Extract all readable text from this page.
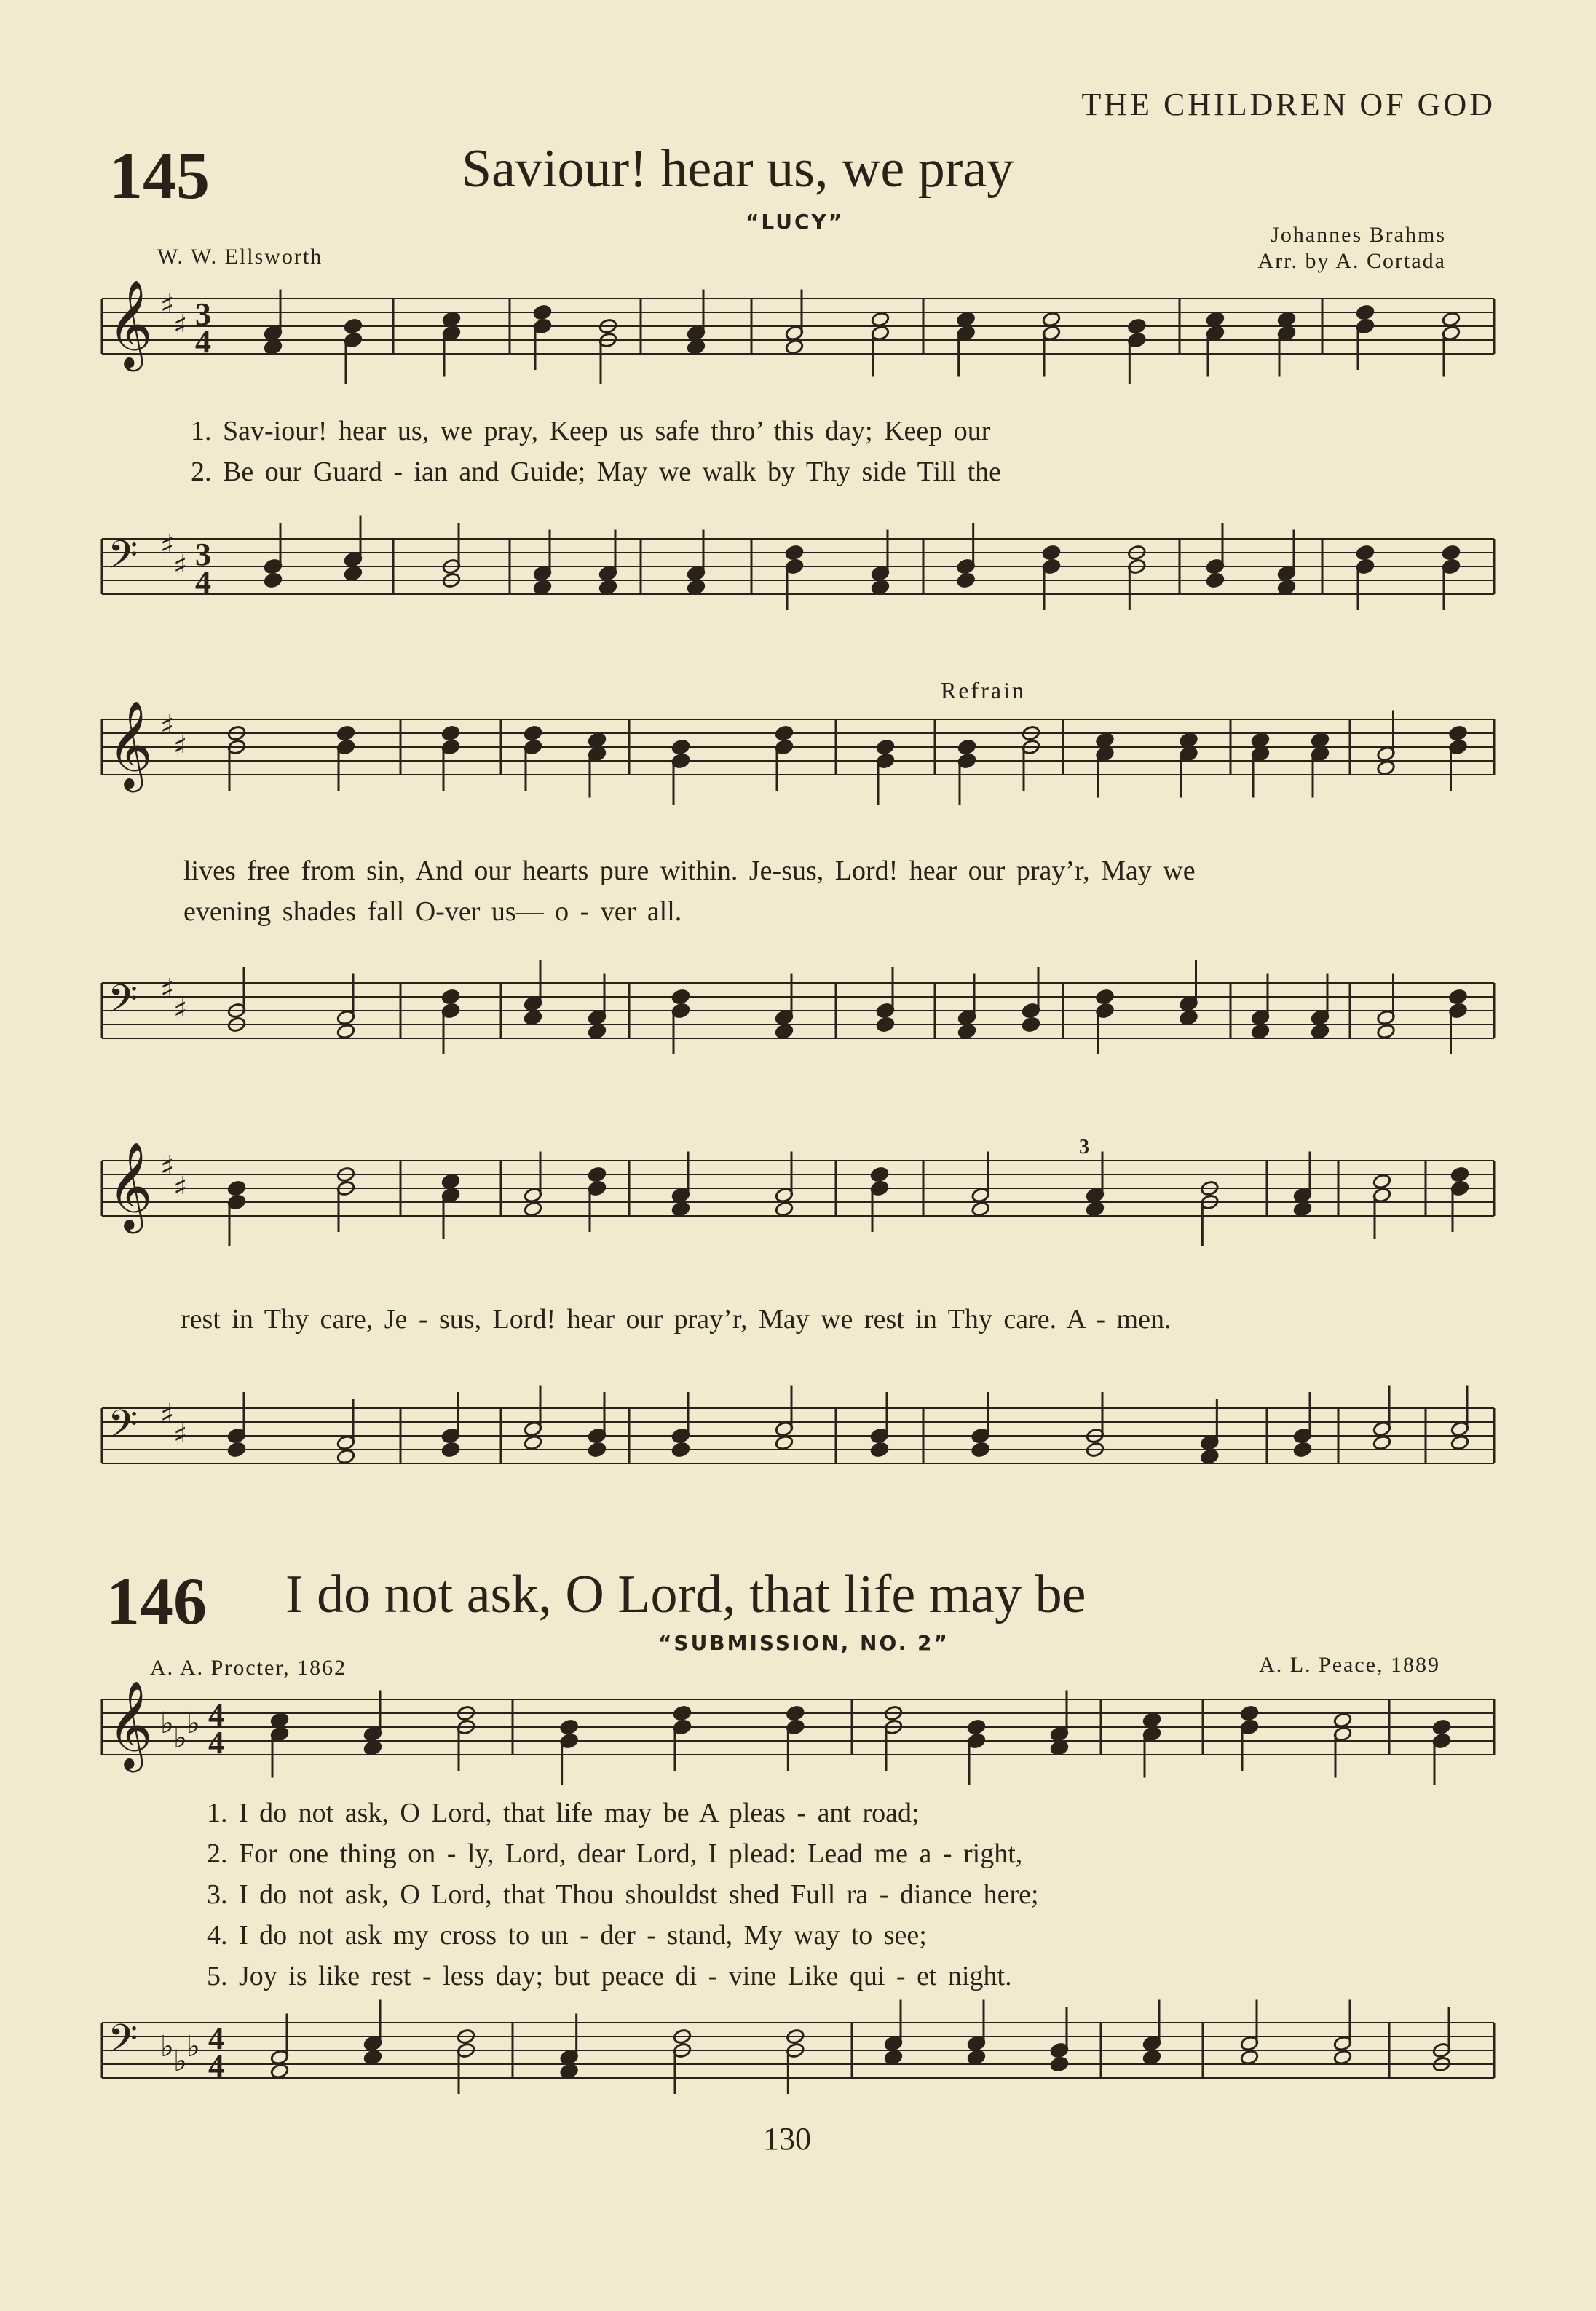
THE CHILDREN OF GOD
145	Saviour! hear us, we pray
“LUCY”
W. W. Ellsworth
Johannes Brahms
Arr. by A. Cortada
1. Sav-iour! hear us, we pray, Keep us safe thro’ this day; Keep our
2. Be our Guard - ian and Guide; May we walk by Thy side Till the
Refrain
lives free from sin, And our hearts pure within. Je-sus, Lord! hear our pray’r, May we
evening shades fall O-ver us— o - ver all.
rest in Thy care, Je - sus, Lord! hear our pray’r, May we rest in Thy care. A - men.
3
146 I do not ask, O Lord, that life may be
“SUBMISSION, NO. 2”
A. A. Procter, 1862	A. L. Peace, 1889
1. I do not ask, O Lord, that life may be A pleas - ant road;
2. For one thing on - ly, Lord, dear Lord, I plead: Lead me a - right,
3. I do not ask, O Lord, that Thou shouldst shed Full ra - diance here;
4. I do not ask my cross to un - der - stand, My way to see;
5. Joy is like rest - less day; but peace di - vine Like qui - et night.
130
𝄞 ♯
♯ 3
4
𝄢 ♯
♯ 3
4
𝄞 ♯
♯
𝄢 ♯
♯
𝄞 ♯
♯
𝄢 ♯
♯
𝄞 ♭ ♭ ♭ 4
4
𝄢 ♭ ♭ ♭ 4
4
